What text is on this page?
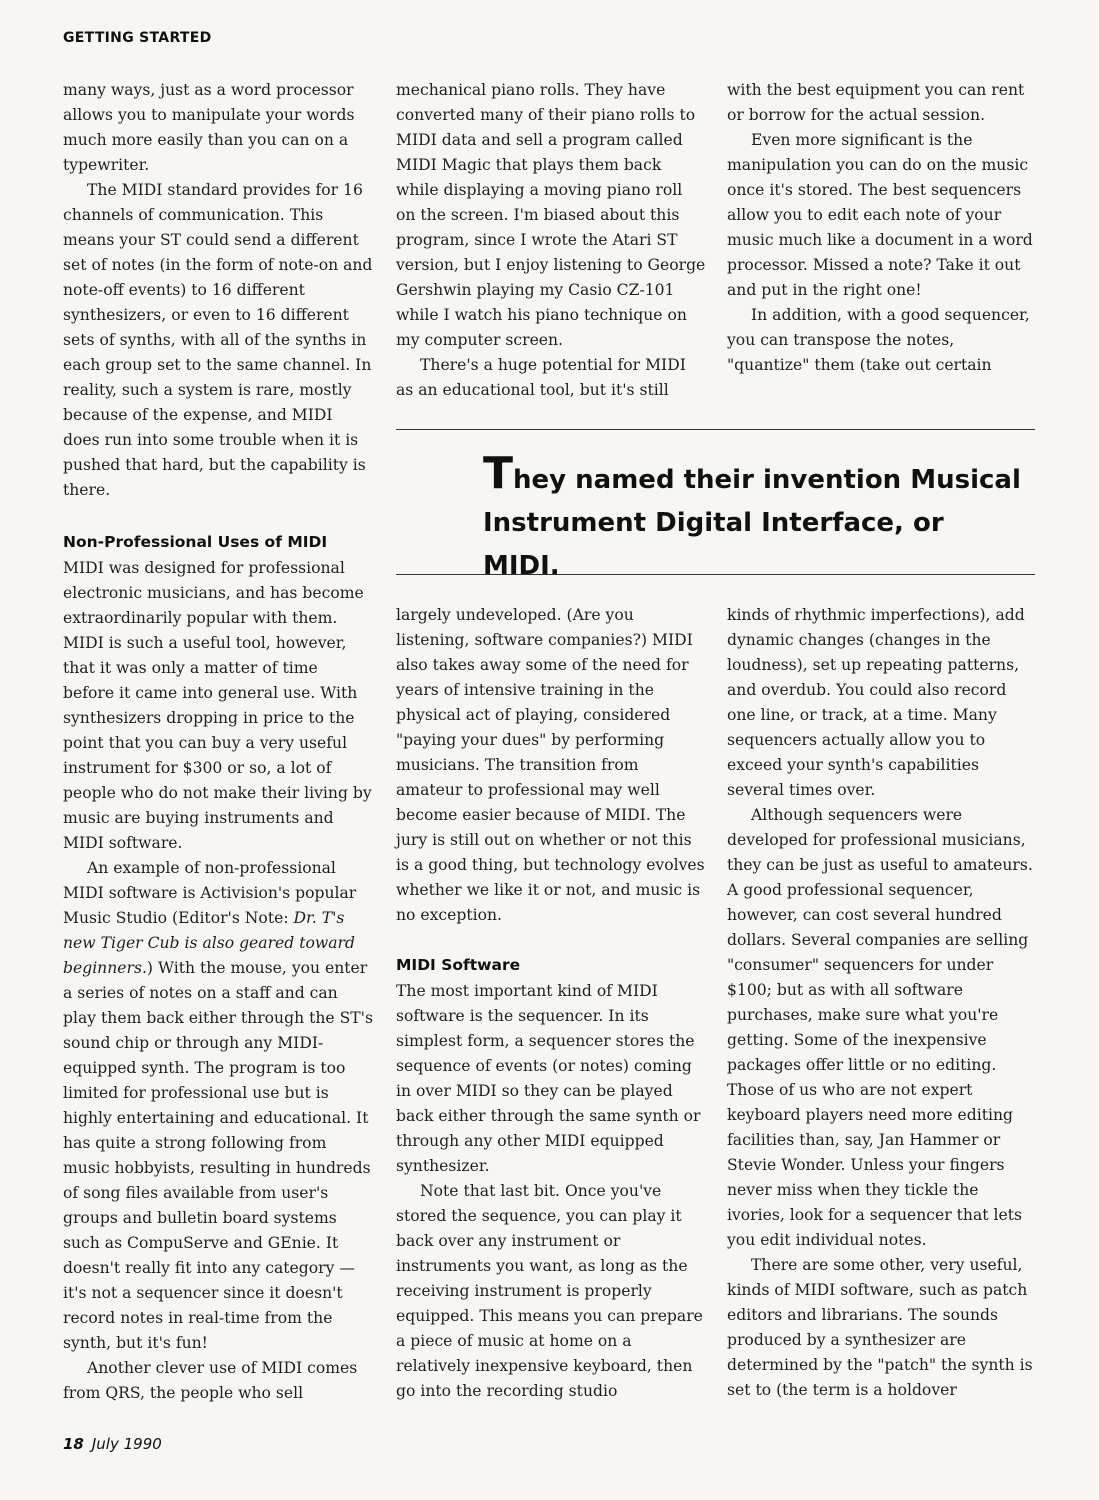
GETTING STARTED

many ways, just as a word processor allows you to manipulate your words much more easily than you can on a typewriter.

The MIDI standard provides for 16 channels of communication. This means your ST could send a different set of notes (in the form of note-on and note-off events) to 16 different synthesizers, or even to 16 different sets of synths, with all of the synths in each group set to the same channel. In reality, such a system is rare, mostly because of the expense, and MIDI does run into some trouble when it is pushed that hard, but the capability is there.

Non-Professional Uses of MIDI

MIDI was designed for professional electronic musicians, and has become extraordinarily popular with them. MIDI is such a useful tool, however, that it was only a matter of time before it came into general use. With synthesizers dropping in price to the point that you can buy a very useful instrument for $300 or so, a lot of people who do not make their living by music are buying instruments and MIDI software.

An example of non-professional MIDI software is Activision's popular Music Studio (Editor's Note: Dr. T's new Tiger Cub is also geared toward beginners.) With the mouse, you enter a series of notes on a staff and can play them back either through the ST's sound chip or through any MIDI-equipped synth. The program is too limited for professional use but is highly entertaining and educational. It has quite a strong following from music hobbyists, resulting in hundreds of song files available from user's groups and bulletin board systems such as CompuServe and GEnie. It doesn't really fit into any category — it's not a sequencer since it doesn't record notes in real-time from the synth, but it's fun!

Another clever use of MIDI comes from QRS, the people who sell

mechanical piano rolls. They have converted many of their piano rolls to MIDI data and sell a program called MIDI Magic that plays them back while displaying a moving piano roll on the screen. I'm biased about this program, since I wrote the Atari ST version, but I enjoy listening to George Gershwin playing my Casio CZ-101 while I watch his piano technique on my computer screen.

There's a huge potential for MIDI as an educational tool, but it's still

with the best equipment you can rent or borrow for the actual session.

Even more significant is the manipulation you can do on the music once it's stored. The best sequencers allow you to edit each note of your music much like a document in a word processor. Missed a note? Take it out and put in the right one!

In addition, with a good sequencer, you can transpose the notes, "quantize" them (take out certain

They named their invention Musical Instrument Digital Interface, or MIDI.

largely undeveloped. (Are you listening, software companies?) MIDI also takes away some of the need for years of intensive training in the physical act of playing, considered "paying your dues" by performing musicians. The transition from amateur to professional may well become easier because of MIDI. The jury is still out on whether or not this is a good thing, but technology evolves whether we like it or not, and music is no exception.

MIDI Software

The most important kind of MIDI software is the sequencer. In its simplest form, a sequencer stores the sequence of events (or notes) coming in over MIDI so they can be played back either through the same synth or through any other MIDI equipped synthesizer.

Note that last bit. Once you've stored the sequence, you can play it back over any instrument or instruments you want, as long as the receiving instrument is properly equipped. This means you can prepare a piece of music at home on a relatively inexpensive keyboard, then go into the recording studio

kinds of rhythmic imperfections), add dynamic changes (changes in the loudness), set up repeating patterns, and overdub. You could also record one line, or track, at a time. Many sequencers actually allow you to exceed your synth's capabilities several times over.

Although sequencers were developed for professional musicians, they can be just as useful to amateurs. A good professional sequencer, however, can cost several hundred dollars. Several companies are selling "consumer" sequencers for under $100; but as with all software purchases, make sure what you're getting. Some of the inexpensive packages offer little or no editing. Those of us who are not expert keyboard players need more editing facilities than, say, Jan Hammer or Stevie Wonder. Unless your fingers never miss when they tickle the ivories, look for a sequencer that lets you edit individual notes.

There are some other, very useful, kinds of MIDI software, such as patch editors and librarians. The sounds produced by a synthesizer are determined by the "patch" the synth is set to (the term is a holdover

18 July 1990
